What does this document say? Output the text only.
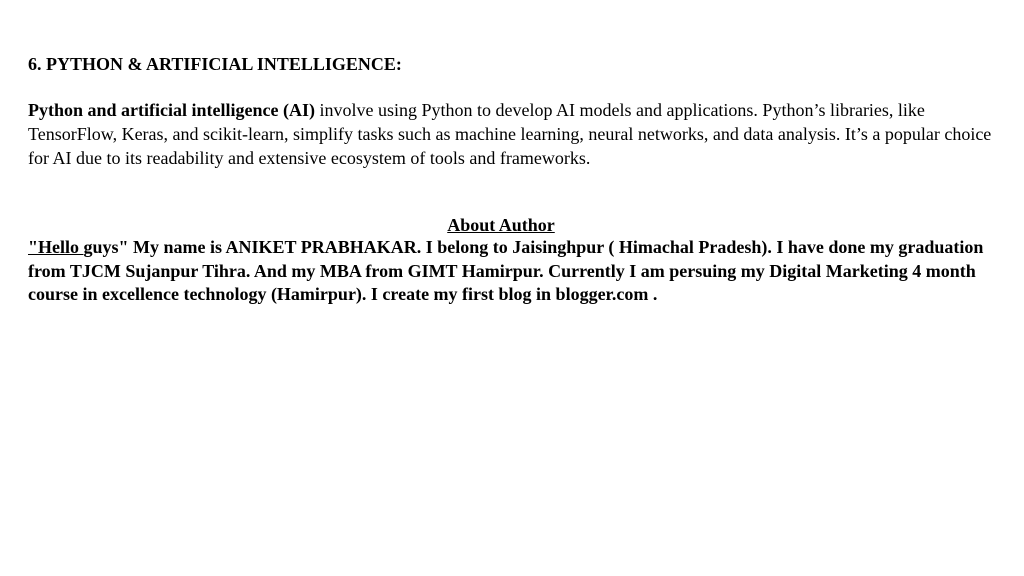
6. PYTHON & ARTIFICIAL INTELLIGENCE:
Python and artificial intelligence (AI) involve using Python to develop AI models and applications. Python’s libraries, like TensorFlow, Keras, and scikit-learn, simplify tasks such as machine learning, neural networks, and data analysis. It’s a popular choice for AI due to its readability and extensive ecosystem of tools and frameworks.
About Author
"Hello guys" My name is ANIKET PRABHAKAR. I belong to Jaisinghpur ( Himachal Pradesh). I have done my graduation from TJCM Sujanpur Tihra. And my MBA from GIMT Hamirpur. Currently I am persuing my Digital Marketing 4 month course in excellence technology (Hamirpur). I create my first blog in blogger.com .
